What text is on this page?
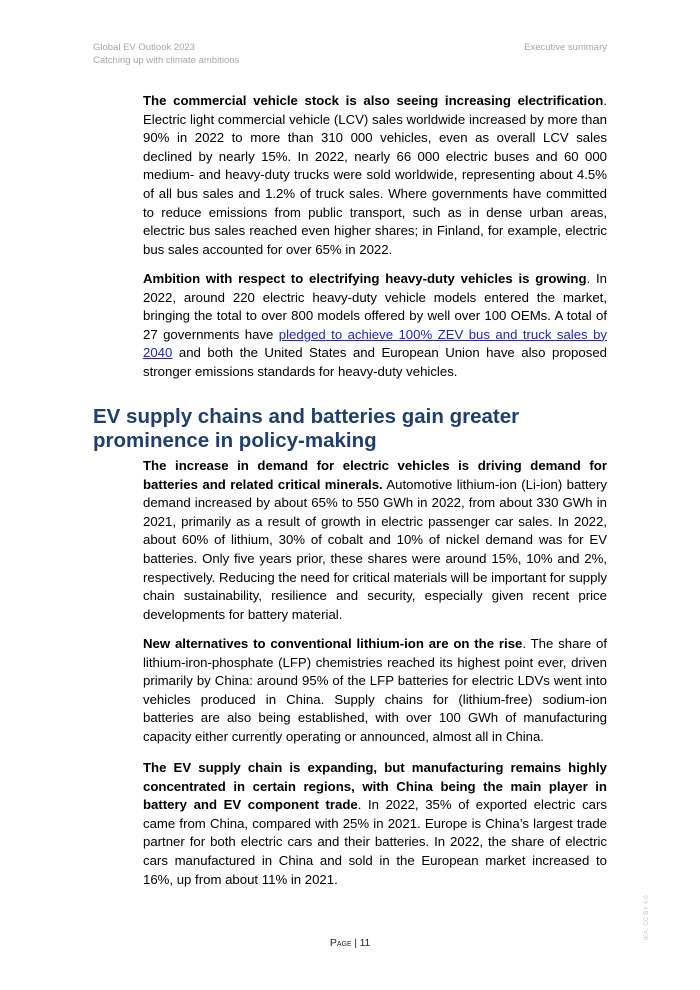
Global EV Outlook 2023
Catching up with climate ambitions
Executive summary

The commercial vehicle stock is also seeing increasing electrification. Electric light commercial vehicle (LCV) sales worldwide increased by more than 90% in 2022 to more than 310 000 vehicles, even as overall LCV sales declined by nearly 15%. In 2022, nearly 66 000 electric buses and 60 000 medium- and heavy-duty trucks were sold worldwide, representing about 4.5% of all bus sales and 1.2% of truck sales. Where governments have committed to reduce emissions from public transport, such as in dense urban areas, electric bus sales reached even higher shares; in Finland, for example, electric bus sales accounted for over 65% in 2022.

Ambition with respect to electrifying heavy-duty vehicles is growing. In 2022, around 220 electric heavy-duty vehicle models entered the market, bringing the total to over 800 models offered by well over 100 OEMs. A total of 27 governments have pledged to achieve 100% ZEV bus and truck sales by 2040 and both the United States and European Union have also proposed stronger emissions standards for heavy-duty vehicles.

EV supply chains and batteries gain greater prominence in policy-making

The increase in demand for electric vehicles is driving demand for batteries and related critical minerals. Automotive lithium-ion (Li-ion) battery demand increased by about 65% to 550 GWh in 2022, from about 330 GWh in 2021, primarily as a result of growth in electric passenger car sales. In 2022, about 60% of lithium, 30% of cobalt and 10% of nickel demand was for EV batteries. Only five years prior, these shares were around 15%, 10% and 2%, respectively. Reducing the need for critical materials will be important for supply chain sustainability, resilience and security, especially given recent price developments for battery material.

New alternatives to conventional lithium-ion are on the rise. The share of lithium-iron-phosphate (LFP) chemistries reached its highest point ever, driven primarily by China: around 95% of the LFP batteries for electric LDVs went into vehicles produced in China. Supply chains for (lithium-free) sodium-ion batteries are also being established, with over 100 GWh of manufacturing capacity either currently operating or announced, almost all in China.

The EV supply chain is expanding, but manufacturing remains highly concentrated in certain regions, with China being the main player in battery and EV component trade. In 2022, 35% of exported electric cars came from China, compared with 25% in 2021. Europe is China’s largest trade partner for both electric cars and their batteries. In 2022, the share of electric cars manufactured in China and sold in the European market increased to 16%, up from about 11% in 2021.

Page | 11
IEA. CC BY 4.0
